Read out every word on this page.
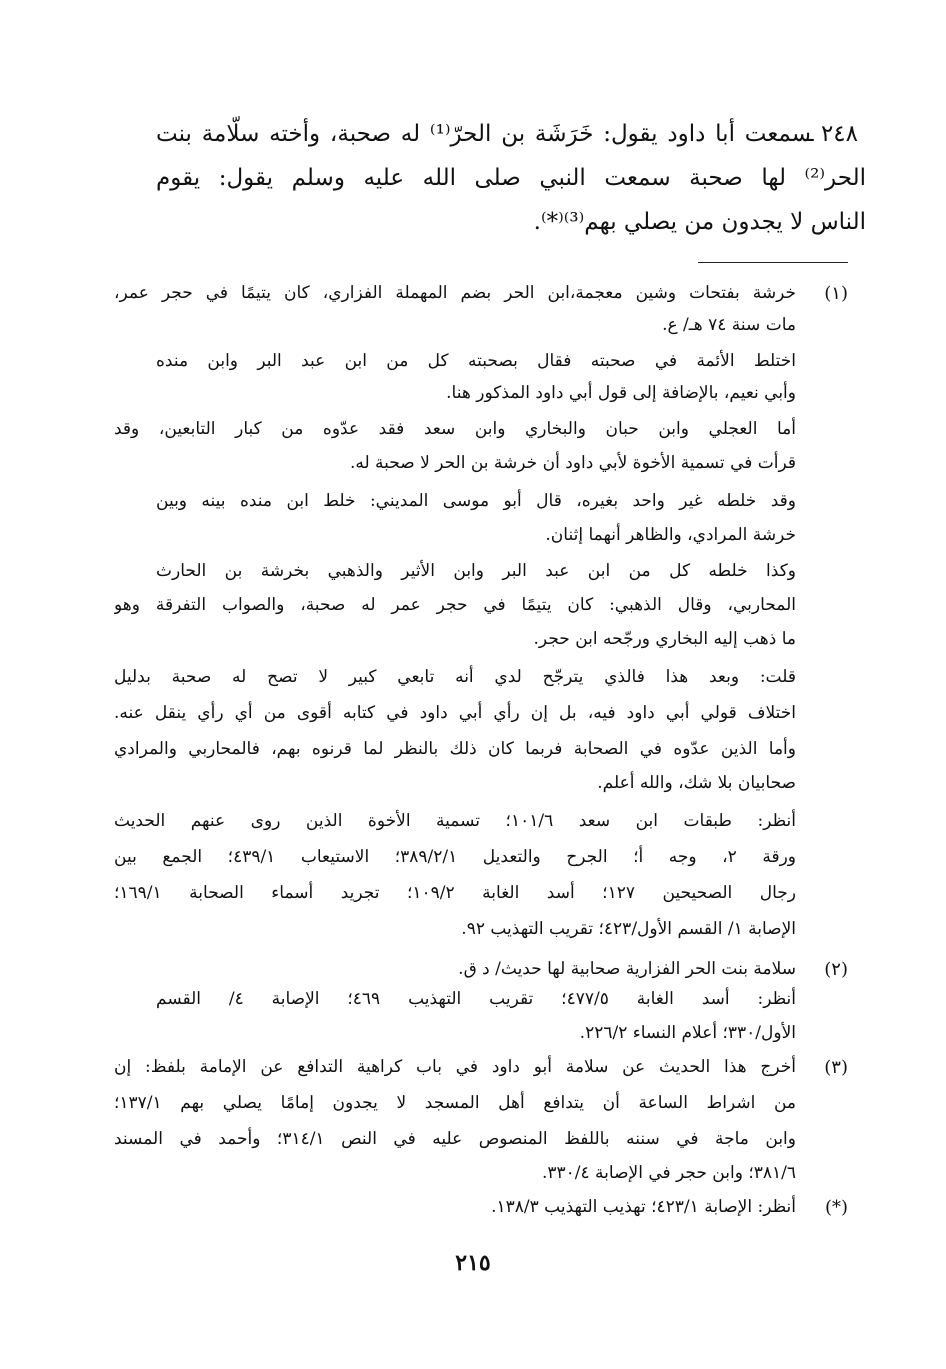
٢٤٨ ـ
سمعت أبا داود يقول: خَرَشَة بن الحرّ⁽¹⁾ له صحبة، وأخته سلّامة بنت
الحر⁽²⁾ لها صحبة سمعت النبي صلى الله عليه وسلم يقول: يقوم
الناس لا يجدون من يصلي بهم⁽³⁾⁽*⁾.
(١)
(٢)
(٣)
(*)
خرشة بفتحات وشين معجمة،ابن الحر بضم المهملة الفزاري، كان يتيمًا في حجر عمر،
مات سنة ٧٤ هـ/ ع.
اختلط الأئمة في صحبته فقال بصحبته كل من ابن عبد البر وابن منده
وأبي نعيم، بالإضافة إلى قول أبي داود المذكور هنا.
أما العجلي وابن حبان والبخاري وابن سعد فقد عدّوه من كبار التابعين، وقد
قرأت في تسمية الأخوة لأبي داود أن خرشة بن الحر لا صحبة له.
وقد خلطه غير واحد بغيره، قال أبو موسى المديني: خلط ابن منده بينه وبين
خرشة المرادي، والظاهر أنهما إثنان.
وكذا خلطه كل من ابن عبد البر وابن الأثير والذهبي بخرشة بن الحارث
المحاربي، وقال الذهبي: كان يتيمًا في حجر عمر له صحبة، والصواب التفرقة وهو
ما ذهب إليه البخاري ورجّحه ابن حجر.
قلت: وبعد هذا فالذي يترجّح لدي أنه تابعي كبير لا تصح له صحبة بدليل
اختلاف قولي أبي داود فيه، بل إن رأي أبي داود في كتابه أقوى من أي رأي ينقل عنه.
وأما الذين عدّوه في الصحابة فربما كان ذلك بالنظر لما قرنوه بهم، فالمحاربي والمرادي
صحابيان بلا شك، والله أعلم.
أنظر: طبقات ابن سعد ١٠١/٦؛ تسمية الأخوة الذين روى عنهم الحديث
ورقة ٢، وجه أ؛ الجرح والتعديل ٣٨٩/٢/١؛ الاستيعاب ٤٣٩/١؛ الجمع بين
رجال الصحيحين ١٢٧؛ أسد الغابة ١٠٩/٢؛ تجريد أسماء الصحابة ١٦٩/١؛
الإصابة ١/ القسم الأول/٤٢٣؛ تقريب التهذيب ٩٢.
سلامة بنت الحر الفزارية صحابية لها حديث/ د ق.
أنظر: أسد الغابة ٤٧٧/٥؛ تقريب التهذيب ٤٦٩؛ الإصابة ٤/ القسم
الأول/٣٣٠؛ أعلام النساء ٢٢٦/٢.
أخرج هذا الحديث عن سلامة أبو داود في باب كراهية التدافع عن الإمامة بلفظ: إن
من اشراط الساعة أن يتدافع أهل المسجد لا يجدون إمامًا يصلي بهم ١٣٧/١؛
وابن ماجة في سننه باللفظ المنصوص عليه في النص ٣١٤/١؛ وأحمد في المسند
٣٨١/٦؛ وابن حجر في الإصابة ٣٣٠/٤.
أنظر: الإصابة ٤٢٣/١؛ تهذيب التهذيب ١٣٨/٣.
٢١٥
